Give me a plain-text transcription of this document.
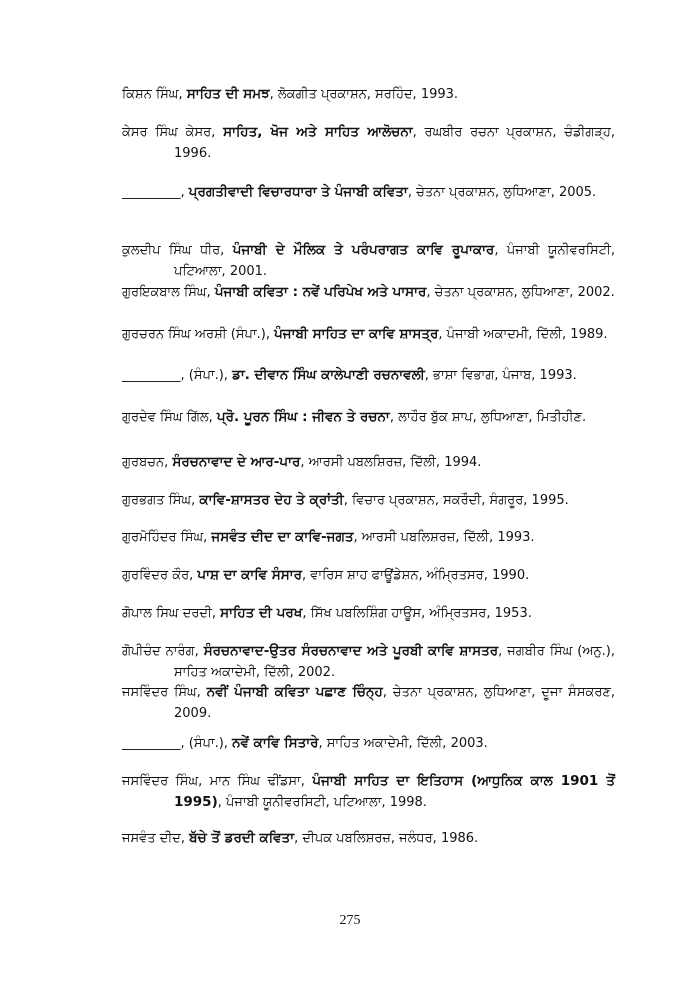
ਕਿਸ਼ਨ ਸਿੰਘ, ਸਾਹਿਤ ਦੀ ਸਮਝ, ਲੋਕਗੀਤ ਪ੍ਰਕਾਸ਼ਨ, ਸਰਹਿੰਦ, 1993.
ਕੇਸਰ ਸਿੰਘ ਕੇਸਰ, ਸਾਹਿਤ, ਖੋਜ ਅਤੇ ਸਾਹਿਤ ਆਲੋਚਨਾ, ਰਘਬੀਰ ਰਚਨਾ ਪ੍ਰਕਾਸ਼ਨ, ਚੰਡੀਗੜ੍ਹ, 1996.
_________, ਪ੍ਰਗਤੀਵਾਦੀ ਵਿਚਾਰਧਾਰਾ ਤੇ ਪੰਜਾਬੀ ਕਵਿਤਾ, ਚੇਤਨਾ ਪ੍ਰਕਾਸ਼ਨ, ਲੁਧਿਆਣਾ, 2005.
ਕੁਲਦੀਪ ਸਿੰਘ ਧੀਰ, ਪੰਜਾਬੀ ਦੇ ਮੌਲਿਕ ਤੇ ਪਰੰਪਰਾਗਤ ਕਾਵਿ ਰੂਪਾਕਾਰ, ਪੰਜਾਬੀ ਯੂਨੀਵਰਸਿਟੀ, ਪਟਿਆਲਾ, 2001.
ਗੁਰਇਕਬਾਲ ਸਿੰਘ, ਪੰਜਾਬੀ ਕਵਿਤਾ : ਨਵੇਂ ਪਰਿਪੇਖ ਅਤੇ ਪਾਸਾਰ, ਚੇਤਨਾ ਪ੍ਰਕਾਸ਼ਨ, ਲੁਧਿਆਣਾ, 2002.
ਗੁਰਚਰਨ ਸਿੰਘ ਅਰਸ਼ੀ (ਸੰਪਾ.), ਪੰਜਾਬੀ ਸਾਹਿਤ ਦਾ ਕਾਵਿ ਸ਼ਾਸਤ੍ਰ, ਪੰਜਾਬੀ ਅਕਾਦਮੀ, ਦਿੱਲੀ, 1989.
_________, (ਸੰਪਾ.), ਡਾ. ਦੀਵਾਨ ਸਿੰਘ ਕਾਲੇਪਾਣੀ ਰਚਨਾਵਲੀ, ਭਾਸ਼ਾ ਵਿਭਾਗ, ਪੰਜਾਬ, 1993.
ਗੁਰਦੇਵ ਸਿੰਘ ਗਿੱਲ, ਪ੍ਰੋ. ਪੂਰਨ ਸਿੰਘ : ਜੀਵਨ ਤੇ ਰਚਨਾ, ਲਾਹੌਰ ਬੁੱਕ ਸ਼ਾਪ, ਲੁਧਿਆਣਾ, ਮਿਤੀਹੀਣ.
ਗੁਰਬਚਨ, ਸੰਰਚਨਾਵਾਦ ਦੇ ਆਰ-ਪਾਰ, ਆਰਸੀ ਪਬਲਸ਼ਿਰਜ਼, ਦਿੱਲੀ, 1994.
ਗੁਰਭਗਤ ਸਿੰਘ, ਕਾਵਿ-ਸ਼ਾਸਤਰ ਦੇਹ ਤੇ ਕ੍ਰਾਂਤੀ, ਵਿਚਾਰ ਪ੍ਰਕਾਸ਼ਨ, ਸਕਰੌਦੀ, ਸੰਗਰੂਰ, 1995.
ਗੁਰਮੋਹਿੰਦਰ ਸਿੰਘ, ਜਸਵੰਤ ਦੀਦ ਦਾ ਕਾਵਿ-ਜਗਤ, ਆਰਸੀ ਪਬਲਿਸ਼ਰਜ਼, ਦਿੱਲੀ, 1993.
ਗੁਰਵਿੰਦਰ ਕੌਰ, ਪਾਸ਼ ਦਾ ਕਾਵਿ ਸੰਸਾਰ, ਵਾਰਿਸ ਸ਼ਾਹ ਫਾਊਂਡੇਸ਼ਨ, ਅੰਮ੍ਰਿਤਸਰ, 1990.
ਗੋਪਾਲ ਸਿਘ ਦਰਦੀ, ਸਾਹਿਤ ਦੀ ਪਰਖ, ਸਿੱਖ ਪਬਲਿਸ਼ਿੰਗ ਹਾਊਸ, ਅੰਮ੍ਰਿਤਸਰ, 1953.
ਗੋਪੀਚੰਦ ਨਾਰੰਗ, ਸੰਰਚਨਾਵਾਦ-ਉਤਰ ਸੰਰਚਨਾਵਾਦ ਅਤੇ ਪੂਰਬੀ ਕਾਵਿ ਸ਼ਾਸਤਰ, ਜਗਬੀਰ ਸਿੰਘ (ਅਨੁ.), ਸਾਹਿਤ ਅਕਾਦੇਮੀ, ਦਿੱਲੀ, 2002.
ਜਸਵਿੰਦਰ ਸਿੰਘ, ਨਵੀਂ ਪੰਜਾਬੀ ਕਵਿਤਾ ਪਛਾਣ ਚਿੰਨ੍ਹ, ਚੇਤਨਾ ਪ੍ਰਕਾਸ਼ਨ, ਲੁਧਿਆਣਾ, ਦੂਜਾ ਸੰਸਕਰਣ, 2009.
_________, (ਸੰਪਾ.), ਨਵੇਂ ਕਾਵਿ ਸਿਤਾਰੇ, ਸਾਹਿਤ ਅਕਾਦੇਮੀ, ਦਿੱਲੀ, 2003.
ਜਸਵਿੰਦਰ ਸਿੰਘ, ਮਾਨ ਸਿੰਘ ਢੀਂਡਸਾ, ਪੰਜਾਬੀ ਸਾਹਿਤ ਦਾ ਇਤਿਹਾਸ (ਆਧੁਨਿਕ ਕਾਲ 1901 ਤੋਂ 1995), ਪੰਜਾਬੀ ਯੂਨੀਵਰਸਿਟੀ, ਪਟਿਆਲਾ, 1998.
ਜਸਵੰਤ ਦੀਦ, ਬੱਚੇ ਤੋਂ ਡਰਦੀ ਕਵਿਤਾ, ਦੀਪਕ ਪਬਲਿਸ਼ਰਜ਼, ਜਲੰਧਰ, 1986.
275
